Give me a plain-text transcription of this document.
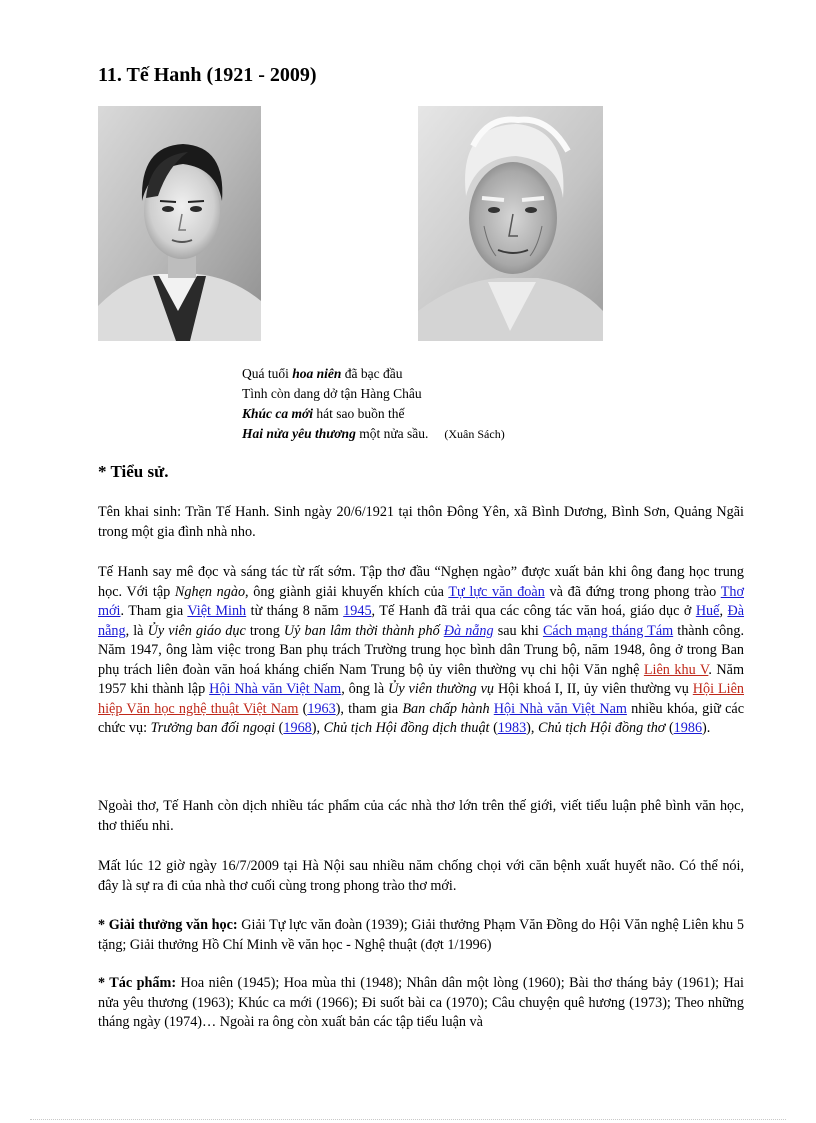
11. Tế Hanh (1921 - 2009)
Quá tuổi hoa niên đã bạc đầu
Tình còn dang dở tận Hàng Châu
Khúc ca mới hát sao buồn thế
Hai nửa yêu thương một nửa sầu. (Xuân Sách)
* Tiểu sử.
Tên khai sinh: Trần Tế Hanh. Sinh ngày 20/6/1921 tại thôn Đông Yên, xã Bình Dương, Bình Sơn, Quảng Ngãi trong một gia đình nhà nho.
Tế Hanh say mê đọc và sáng tác từ rất sớm. Tập thơ đầu “Nghẹn ngào” được xuất bản khi ông đang học trung học. Với tập Nghẹn ngào, ông giành giải khuyến khích của Tự lực văn đoàn và đã đứng trong phong trào Thơ mới. Tham gia Việt Minh từ tháng 8 năm 1945, Tế Hanh đã trải qua các công tác văn hoá, giáo dục ở Huế, Đà nẵng, là Ủy viên giáo dục trong Uỷ ban lâm thời thành phố Đà nẵng sau khi Cách mạng tháng Tám thành công. Năm 1947, ông làm việc trong Ban phụ trách Trường trung học bình dân Trung bộ, năm 1948, ông ở trong Ban phụ trách liên đoàn văn hoá kháng chiến Nam Trung bộ ủy viên thường vụ chi hội Văn nghệ Liên khu V. Năm 1957 khi thành lập Hội Nhà văn Việt Nam, ông là Ủy viên thường vụ Hội khoá I, II, ủy viên thường vụ Hội Liên hiệp Văn học nghệ thuật Việt Nam (1963), tham gia Ban chấp hành Hội Nhà văn Việt Nam nhiều khóa, giữ các chức vụ: Trưởng ban đối ngoại (1968), Chủ tịch Hội đồng dịch thuật (1983), Chủ tịch Hội đồng thơ (1986).
Ngoài thơ, Tế Hanh còn dịch nhiều tác phẩm của các nhà thơ lớn trên thế giới, viết tiểu luận phê bình văn học, thơ thiếu nhi.
Mất lúc 12 giờ ngày 16/7/2009 tại Hà Nội sau nhiều năm chống chọi với căn bệnh xuất huyết não. Có thể nói, đây là sự ra đi của nhà thơ cuối cùng trong phong trào thơ mới.
* Giải thưởng văn học: Giải Tự lực văn đoàn (1939); Giải thưởng Phạm Văn Đồng do Hội Văn nghệ Liên khu 5 tặng; Giải thưởng Hồ Chí Minh về văn học - Nghệ thuật (đợt 1/1996)
* Tác phẩm: Hoa niên (1945); Hoa mùa thi (1948); Nhân dân một lòng (1960); Bài thơ tháng bảy (1961); Hai nửa yêu thương (1963); Khúc ca mới (1966); Đi suốt bài ca (1970); Câu chuyện quê hương (1973); Theo những tháng ngày (1974)… Ngoài ra ông còn xuất bản các tập tiểu luận và
